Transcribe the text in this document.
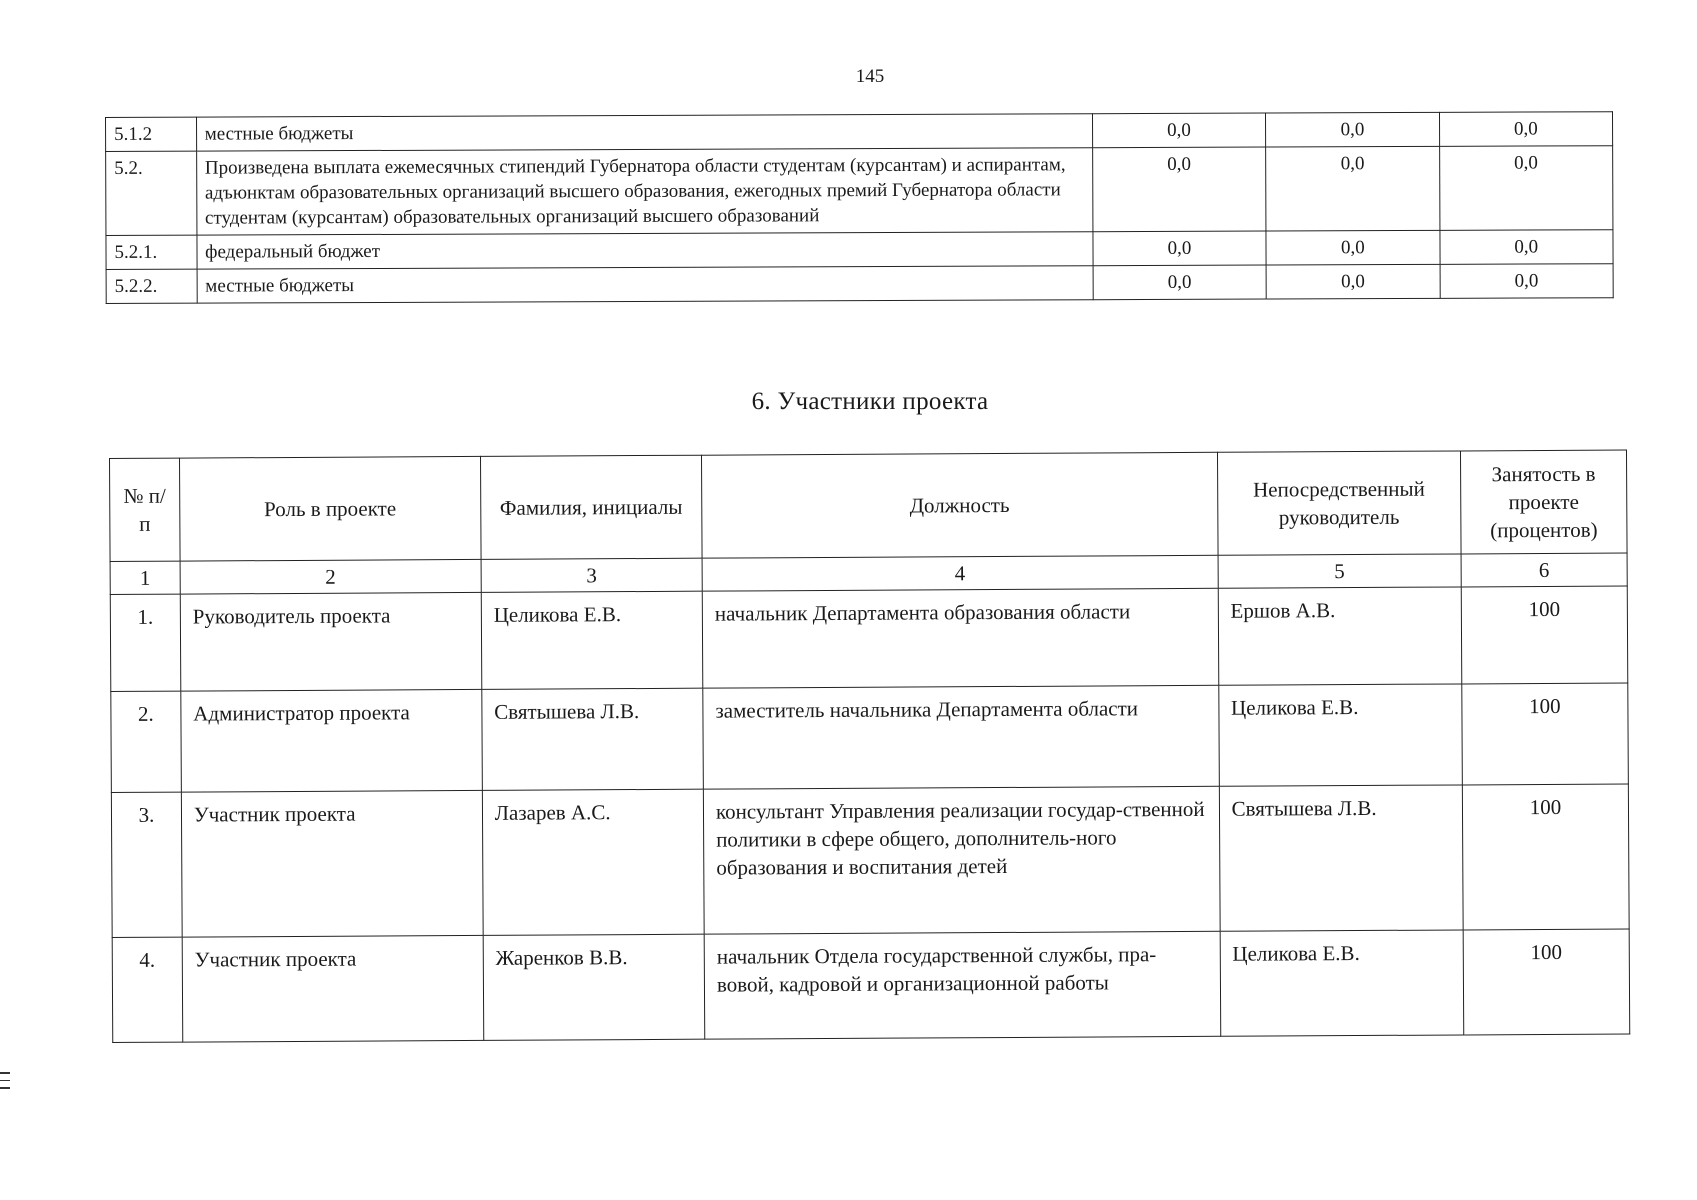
145
5.1.2	местные бюджеты	0,0	0,0	0,0
5.2.	Произведена выплата ежемесячных стипендий Губернатора области студентам (курсантам) и аспирантам, адъюнктам образовательных организаций высшего образования, ежегодных премий Губернатора области студентам (курсантам) образовательных организаций высшего образований	0,0	0,0	0,0
5.2.1.	федеральный бюджет	0,0	0,0	0,0
5.2.2.	местные бюджеты	0,0	0,0	0,0
6. Участники проекта
№ п/п	Роль в проекте	Фамилия, инициалы	Должность	Непосредственный руководитель	Занятость в проекте (процентов)
1	2	3	4	5	6
1.	Руководитель проекта	Целикова Е.В.	начальник Департамента образования области	Ершов А.В.	100
2.	Администратор проекта	Святышева Л.В.	заместитель начальника Департамента области	Целикова Е.В.	100
3.	Участник проекта	Лазарев А.С.	консультант Управления реализации государ-ственной политики в сфере общего, дополнитель-ного образования и воспитания детей	Святышева Л.В.	100
4.	Участник проекта	Жаренков В.В.	начальник Отдела государственной службы, пра-вовой, кадровой и организационной работы	Целикова Е.В.	100
